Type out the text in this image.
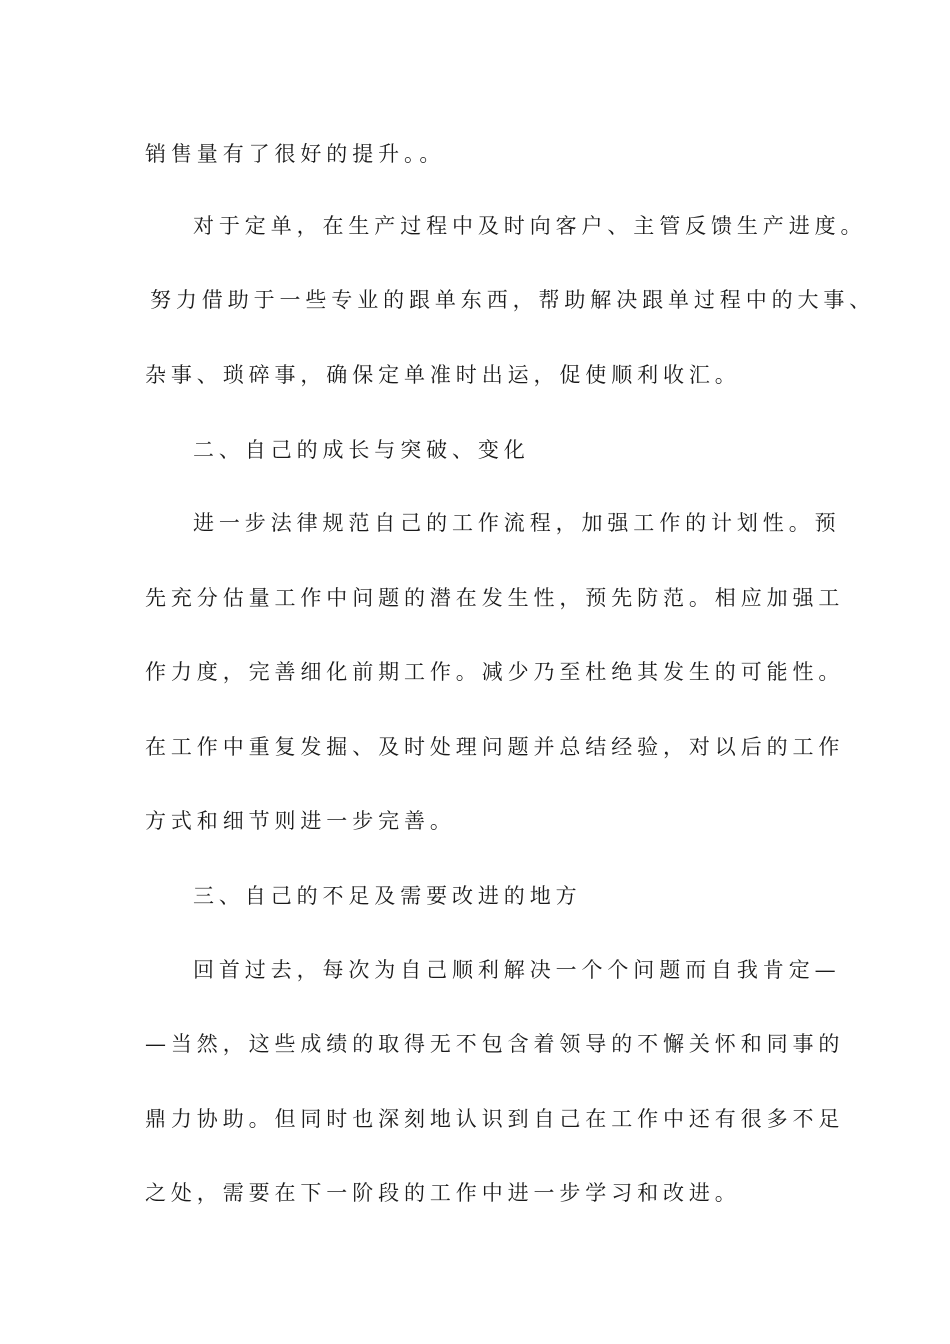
销售量有了很好的提升。。

对于定单，在生产过程中及时向客户、主管反馈生产进度。

努力借助于一些专业的跟单东西，帮助解决跟单过程中的大事、

杂事、琐碎事，确保定单准时出运，促使顺利收汇。

二、自己的成长与突破、变化

进一步法律规范自己的工作流程，加强工作的计划性。预

先充分估量工作中问题的潜在发生性，预先防范。相应加强工

作力度，完善细化前期工作。减少乃至杜绝其发生的可能性。

在工作中重复发掘、及时处理问题并总结经验，对以后的工作

方式和细节则进一步完善。

三、自己的不足及需要改进的地方

回首过去，每次为自己顺利解决一个个问题而自我肯定—

—当然，这些成绩的取得无不包含着领导的不懈关怀和同事的

鼎力协助。但同时也深刻地认识到自己在工作中还有很多不足

之处，需要在下一阶段的工作中进一步学习和改进。
